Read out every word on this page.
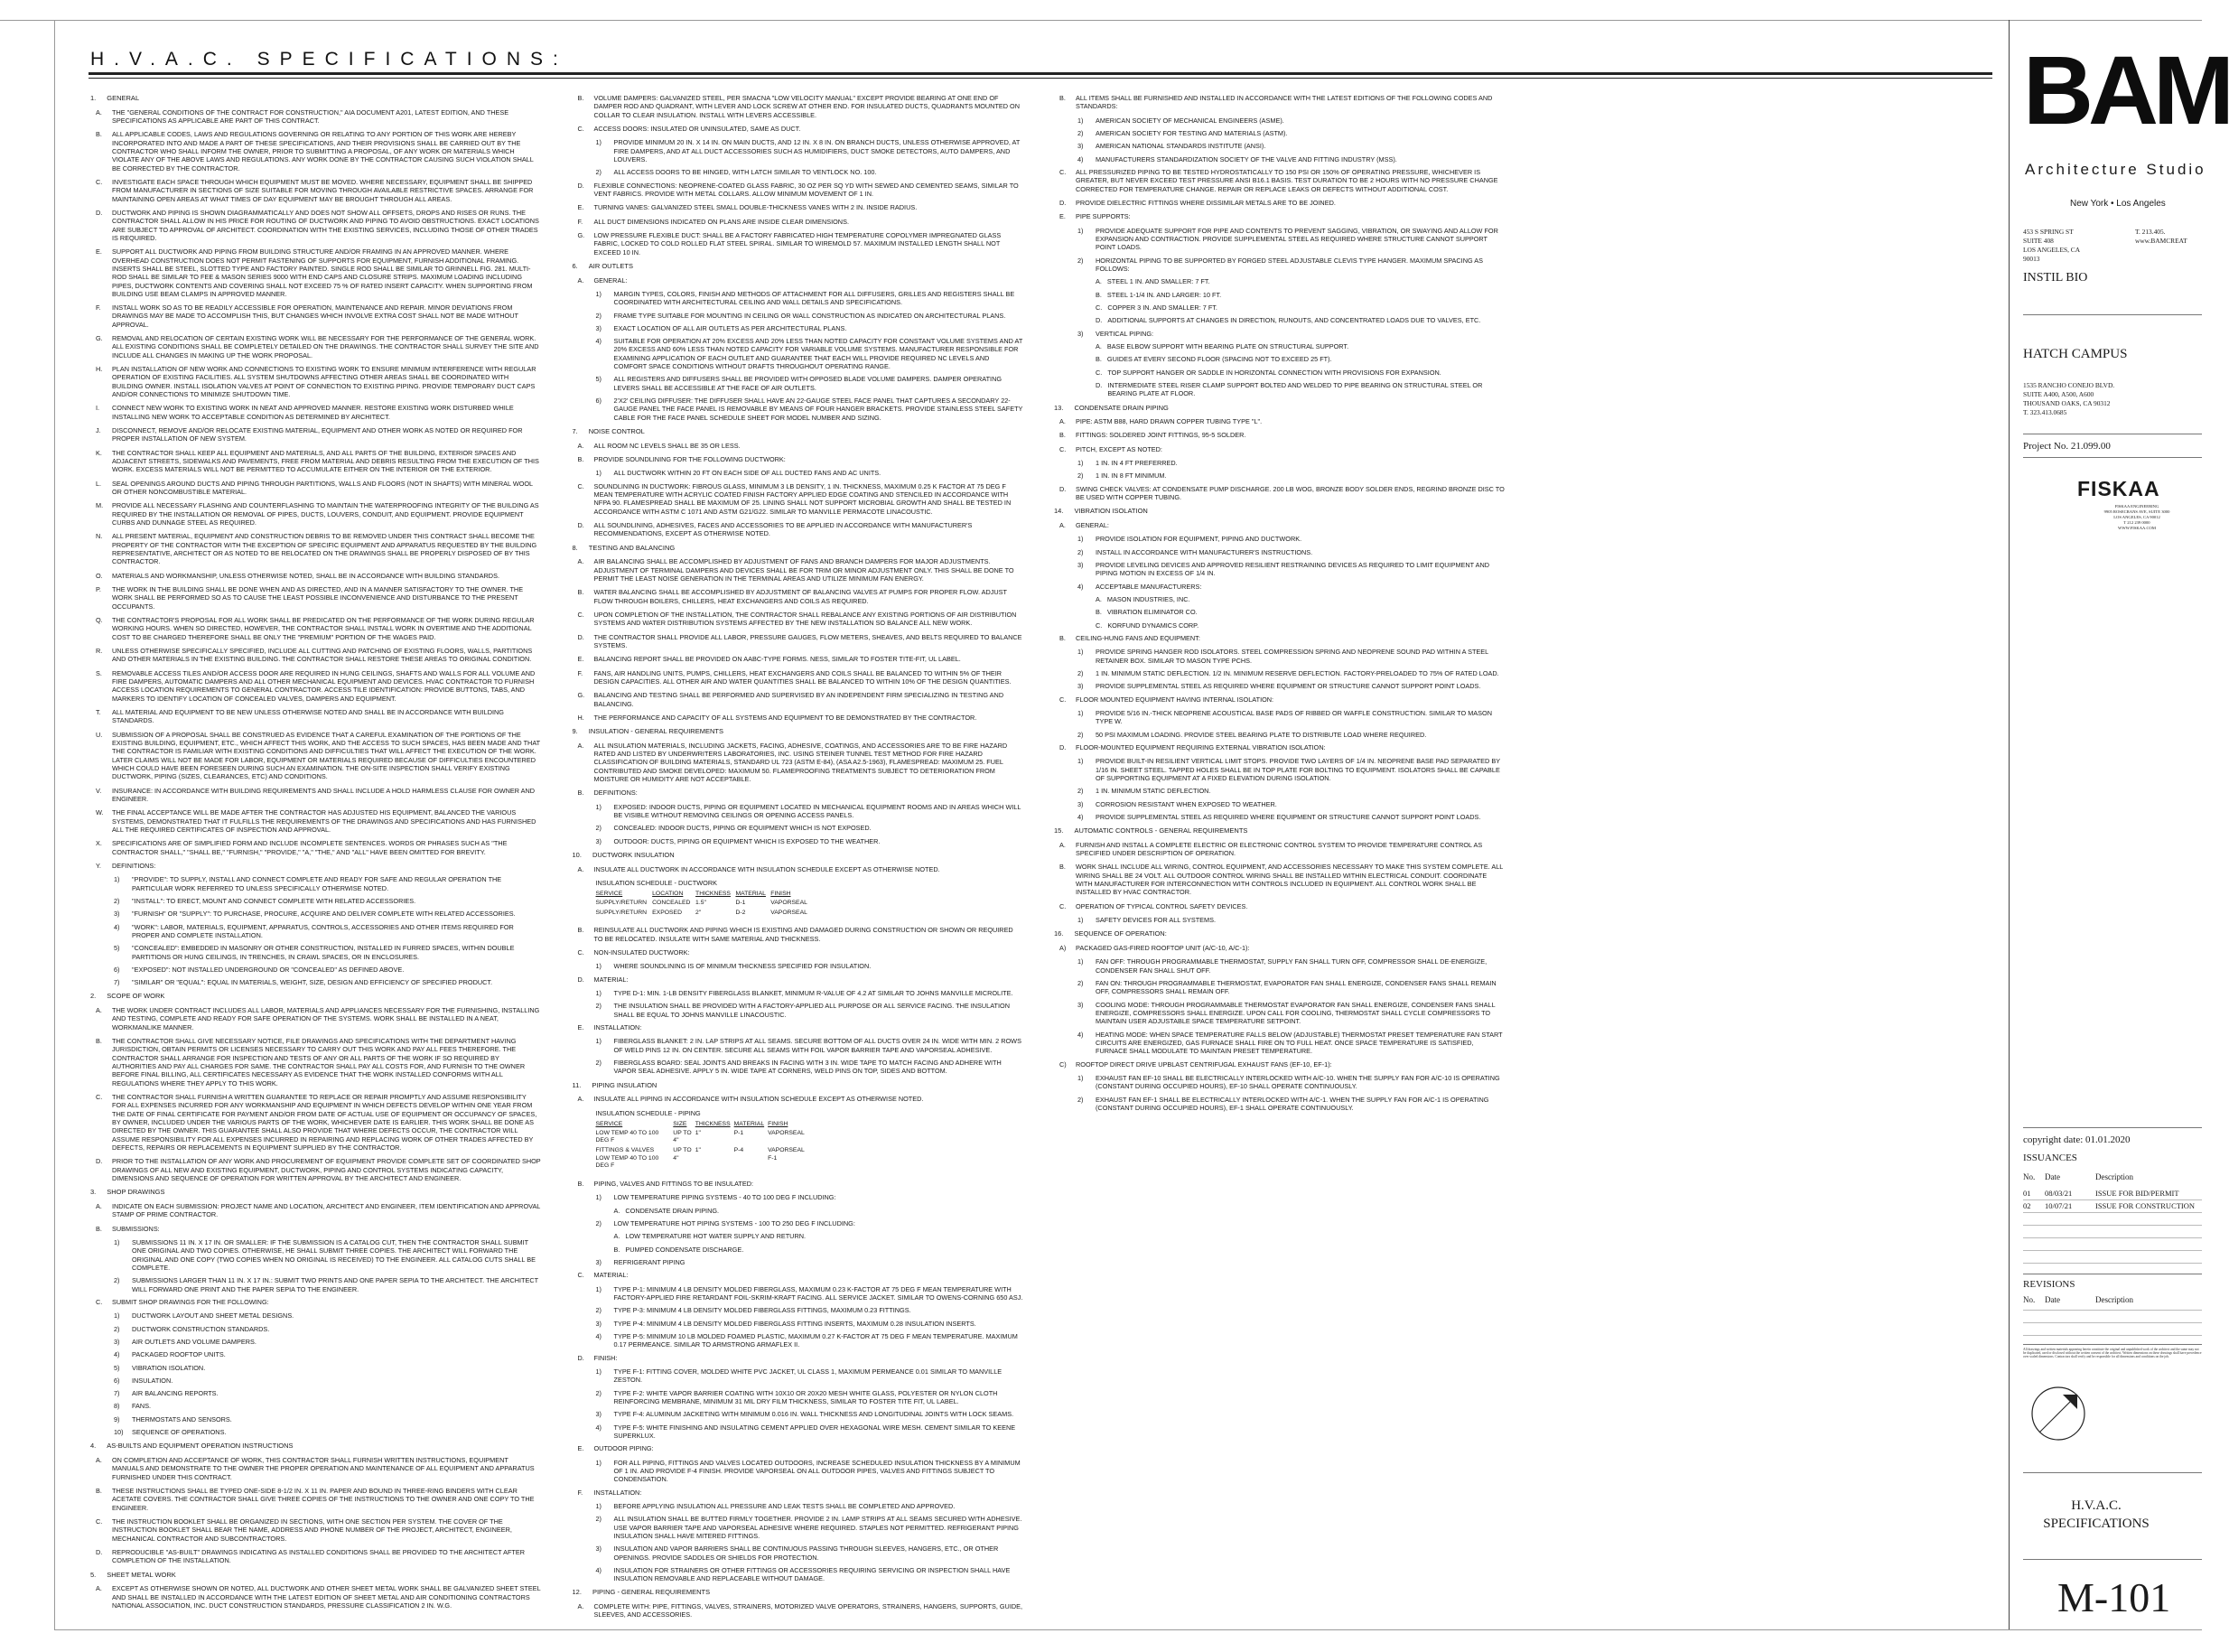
H.V.A.C. SPECIFICATIONS:
1. GENERAL
A.	THE "GENERAL CONDITIONS OF THE CONTRACT FOR CONSTRUCTION," AIA DOCUMENT A201, LATEST EDITION, AND THESE SPECIFICATIONS AS APPLICABLE ARE PART OF THIS CONTRACT.
B.	ALL APPLICABLE CODES, LAWS AND REGULATIONS GOVERNING OR RELATING TO ANY PORTION OF THIS WORK ARE HEREBY INCORPORATED INTO AND MADE A PART OF THESE SPECIFICATIONS, AND THEIR PROVISIONS SHALL BE CARRIED OUT BY THE CONTRACTOR WHO SHALL INFORM THE OWNER, PRIOR TO SUBMITTING A PROPOSAL, OF ANY WORK OR MATERIALS WHICH VIOLATE ANY OF THE ABOVE LAWS AND REGULATIONS. ANY WORK DONE BY THE CONTRACTOR CAUSING SUCH VIOLATION SHALL BE CORRECTED BY THE CONTRACTOR.
C.	INVESTIGATE EACH SPACE THROUGH WHICH EQUIPMENT MUST BE MOVED. WHERE NECESSARY, EQUIPMENT SHALL BE SHIPPED FROM MANUFACTURER IN SECTIONS OF SIZE SUITABLE FOR MOVING THROUGH AVAILABLE RESTRICTIVE SPACES. ARRANGE FOR MAINTAINING OPEN AREAS AT WHAT TIMES OF DAY EQUIPMENT MAY BE BROUGHT THROUGH ALL AREAS.
D.	DUCTWORK AND PIPING IS SHOWN DIAGRAMMATICALLY AND DOES NOT SHOW ALL OFFSETS, DROPS AND RISES OR RUNS. THE CONTRACTOR SHALL ALLOW IN HIS PRICE FOR ROUTING OF DUCTWORK AND PIPING TO AVOID OBSTRUCTIONS. EXACT LOCATIONS ARE SUBJECT TO APPROVAL OF ARCHITECT. COORDINATION WITH THE EXISTING SERVICES, INCLUDING THOSE OF OTHER TRADES IS REQUIRED.
E.	SUPPORT ALL DUCTWORK AND PIPING FROM BUILDING STRUCTURE AND/OR FRAMING IN AN APPROVED MANNER. WHERE OVERHEAD CONSTRUCTION DOES NOT PERMIT FASTENING OF SUPPORTS FOR EQUIPMENT, FURNISH ADDITIONAL FRAMING. INSERTS SHALL BE STEEL, SLOTTED TYPE AND FACTORY PAINTED. SINGLE ROD SHALL BE SIMILAR TO GRINNELL FIG. 281. MULTI-ROD SHALL BE SIMILAR TO FEE & MASON SERIES 9000 WITH END CAPS AND CLOSURE STRIPS. MAXIMUM LOADING INCLUDING PIPES, DUCTWORK CONTENTS AND COVERING SHALL NOT EXCEED 75 % OF RATED INSERT CAPACITY. WHEN SUPPORTING FROM BUILDING USE BEAM CLAMPS IN APPROVED MANNER.
F.	INSTALL WORK SO AS TO BE READILY ACCESSIBLE FOR OPERATION, MAINTENANCE AND REPAIR. MINOR DEVIATIONS FROM DRAWINGS MAY BE MADE TO ACCOMPLISH THIS, BUT CHANGES WHICH INVOLVE EXTRA COST SHALL NOT BE MADE WITHOUT APPROVAL.
G.	REMOVAL AND RELOCATION OF CERTAIN EXISTING WORK WILL BE NECESSARY FOR THE PERFORMANCE OF THE GENERAL WORK. ALL EXISTING CONDITIONS SHALL BE COMPLETELY DETAILED ON THE DRAWINGS. THE CONTRACTOR SHALL SURVEY THE SITE AND INCLUDE ALL CHANGES IN MAKING UP THE WORK PROPOSAL.
H.	PLAN INSTALLATION OF NEW WORK AND CONNECTIONS TO EXISTING WORK TO ENSURE MINIMUM INTERFERENCE WITH REGULAR OPERATION OF EXISTING FACILITIES. ALL SYSTEM SHUTDOWNS AFFECTING OTHER AREAS SHALL BE COORDINATED WITH BUILDING OWNER. INSTALL ISOLATION VALVES AT POINT OF CONNECTION TO EXISTING PIPING. PROVIDE TEMPORARY DUCT CAPS AND/OR CONNECTIONS TO MINIMIZE SHUTDOWN TIME.
I.	CONNECT NEW WORK TO EXISTING WORK IN NEAT AND APPROVED MANNER. RESTORE EXISTING WORK DISTURBED WHILE INSTALLING NEW WORK TO ACCEPTABLE CONDITION AS DETERMINED BY ARCHITECT.
J.	DISCONNECT, REMOVE AND/OR RELOCATE EXISTING MATERIAL, EQUIPMENT AND OTHER WORK AS NOTED OR REQUIRED FOR PROPER INSTALLATION OF NEW SYSTEM.
K.	THE CONTRACTOR SHALL KEEP ALL EQUIPMENT AND MATERIALS, AND ALL PARTS OF THE BUILDING, EXTERIOR SPACES AND ADJACENT STREETS, SIDEWALKS AND PAVEMENTS, FREE FROM MATERIAL AND DEBRIS RESULTING FROM THE EXECUTION OF THIS WORK. EXCESS MATERIALS WILL NOT BE PERMITTED TO ACCUMULATE EITHER ON THE INTERIOR OR THE EXTERIOR.
L.	SEAL OPENINGS AROUND DUCTS AND PIPING THROUGH PARTITIONS, WALLS AND FLOORS (NOT IN SHAFTS) WITH MINERAL WOOL OR OTHER NONCOMBUSTIBLE MATERIAL.
M. PROVIDE ALL NECESSARY FLASHING AND COUNTERFLASHING TO MAINTAIN THE WATERPROOFING INTEGRITY OF THE BUILDING AS REQUIRED BY THE INSTALLATION OR REMOVAL OF PIPES, DUCTS, LOUVERS, CONDUIT, AND EQUIPMENT. PROVIDE EQUIPMENT CURBS AND DUNNAGE STEEL AS REQUIRED.
N.	ALL PRESENT MATERIAL, EQUIPMENT AND CONSTRUCTION DEBRIS TO BE REMOVED UNDER THIS CONTRACT SHALL BECOME THE PROPERTY OF THE CONTRACTOR WITH THE EXCEPTION OF SPECIFIC EQUIPMENT AND APPARATUS REQUESTED BY THE BUILDING REPRESENTATIVE, ARCHITECT OR AS NOTED TO BE RELOCATED ON THE DRAWINGS SHALL BE PROPERLY DISPOSED OF BY THIS CONTRACTOR.
O.	MATERIALS AND WORKMANSHIP, UNLESS OTHERWISE NOTED, SHALL BE IN ACCORDANCE WITH BUILDING STANDARDS.
P.	THE WORK IN THE BUILDING SHALL BE DONE WHEN AND AS DIRECTED, AND IN A MANNER SATISFACTORY TO THE OWNER. THE WORK SHALL BE PERFORMED SO AS TO CAUSE THE LEAST POSSIBLE INCONVENIENCE AND DISTURBANCE TO THE PRESENT OCCUPANTS.
Q.	THE CONTRACTOR'S PROPOSAL FOR ALL WORK SHALL BE PREDICATED ON THE PERFORMANCE OF THE WORK DURING REGULAR WORKING HOURS. WHEN SO DIRECTED, HOWEVER, THE CONTRACTOR SHALL INSTALL WORK IN OVERTIME AND THE ADDITIONAL COST TO BE CHARGED THEREFORE SHALL BE ONLY THE "PREMIUM" PORTION OF THE WAGES PAID.
R.	UNLESS OTHERWISE SPECIFICALLY SPECIFIED, INCLUDE ALL CUTTING AND PATCHING OF EXISTING FLOORS, WALLS, PARTITIONS AND OTHER MATERIALS IN THE EXISTING BUILDING. THE CONTRACTOR SHALL RESTORE THESE AREAS TO ORIGINAL CONDITION.
S.	REMOVABLE ACCESS TILES AND/OR ACCESS DOOR ARE REQUIRED IN HUNG CEILINGS, SHAFTS AND WALLS FOR ALL VOLUME AND FIRE DAMPERS, AUTOMATIC DAMPERS AND ALL OTHER MECHANICAL EQUIPMENT AND DEVICES. HVAC CONTRACTOR TO FURNISH ACCESS LOCATION REQUIREMENTS TO GENERAL CONTRACTOR. ACCESS TILE IDENTIFICATION: PROVIDE BUTTONS, TABS, AND MARKERS TO IDENTIFY LOCATION OF CONCEALED VALVES, DAMPERS AND EQUIPMENT.
T.	ALL MATERIAL AND EQUIPMENT TO BE NEW UNLESS OTHERWISE NOTED AND SHALL BE IN ACCORDANCE WITH BUILDING STANDARDS.
U.	SUBMISSION OF A PROPOSAL SHALL BE CONSTRUED AS EVIDENCE THAT A CAREFUL EXAMINATION OF THE PORTIONS OF THE EXISTING BUILDING, EQUIPMENT, ETC., WHICH AFFECT THIS WORK, AND THE ACCESS TO SUCH SPACES, HAS BEEN MADE AND THAT THE CONTRACTOR IS FAMILIAR WITH EXISTING CONDITIONS AND DIFFICULTIES THAT WILL AFFECT THE EXECUTION OF THE WORK. LATER CLAIMS WILL NOT BE MADE FOR LABOR, EQUIPMENT OR MATERIALS REQUIRED BECAUSE OF DIFFICULTIES ENCOUNTERED WHICH COULD HAVE BEEN FORESEEN DURING SUCH AN EXAMINATION. THE ON-SITE INSPECTION SHALL VERIFY EXISTING DUCTWORK, PIPING (SIZES, CLEARANCES, ETC) AND CONDITIONS.
V.	INSURANCE: IN ACCORDANCE WITH BUILDING REQUIREMENTS AND SHALL INCLUDE A HOLD HARMLESS CLAUSE FOR OWNER AND ENGINEER.
W. THE FINAL ACCEPTANCE WILL BE MADE AFTER THE CONTRACTOR HAS ADJUSTED HIS EQUIPMENT, BALANCED THE VARIOUS SYSTEMS, DEMONSTRATED THAT IT FULFILLS THE REQUIREMENTS OF THE DRAWINGS AND SPECIFICATIONS AND HAS FURNISHED ALL THE REQUIRED CERTIFICATES OF INSPECTION AND APPROVAL.
X.	SPECIFICATIONS ARE OF SIMPLIFIED FORM AND INCLUDE INCOMPLETE SENTENCES. WORDS OR PHRASES SUCH AS "THE CONTRACTOR SHALL," "SHALL BE," "FURNISH," "PROVIDE," "A," "THE," AND "ALL" HAVE BEEN OMITTED FOR BREVITY.
Y.	DEFINITIONS:
1)	"PROVIDE": TO SUPPLY, INSTALL AND CONNECT COMPLETE AND READY FOR SAFE AND REGULAR OPERATION THE PARTICULAR WORK REFERRED TO UNLESS SPECIFICALLY OTHERWISE NOTED.
2)	"INSTALL": TO ERECT, MOUNT AND CONNECT COMPLETE WITH RELATED ACCESSORIES.
3)	"FURNISH" OR "SUPPLY": TO PURCHASE, PROCURE, ACQUIRE AND DELIVER COMPLETE WITH RELATED ACCESSORIES.
4)	"WORK": LABOR, MATERIALS, EQUIPMENT, APPARATUS, CONTROLS, ACCESSORIES AND OTHER ITEMS REQUIRED FOR PROPER AND COMPLETE INSTALLATION.
5)	"CONCEALED": EMBEDDED IN MASONRY OR OTHER CONSTRUCTION, INSTALLED IN FURRED SPACES, WITHIN DOUBLE PARTITIONS OR HUNG CEILINGS, IN TRENCHES, IN CRAWL SPACES, OR IN ENCLOSURES.
6)	"EXPOSED": NOT INSTALLED UNDERGROUND OR "CONCEALED" AS DEFINED ABOVE.
7)	"SIMILAR" OR "EQUAL": EQUAL IN MATERIALS, WEIGHT, SIZE, DESIGN AND EFFICIENCY OF SPECIFIED PRODUCT.
2. SCOPE OF WORK
A.	THE WORK UNDER CONTRACT INCLUDES ALL LABOR, MATERIALS AND APPLIANCES NECESSARY FOR THE FURNISHING, INSTALLING AND TESTING, COMPLETE AND READY FOR SAFE OPERATION OF THE SYSTEMS. WORK SHALL BE INSTALLED IN A NEAT, WORKMANLIKE MANNER.
B.	THE CONTRACTOR SHALL GIVE NECESSARY NOTICE, FILE DRAWINGS AND SPECIFICATIONS WITH THE DEPARTMENT HAVING JURISDICTION, OBTAIN PERMITS OR LICENSES NECESSARY TO CARRY OUT THIS WORK AND PAY ALL FEES THEREFORE. THE CONTRACTOR SHALL ARRANGE FOR INSPECTION AND TESTS OF ANY OR ALL PARTS OF THE WORK IF SO REQUIRED BY AUTHORITIES AND PAY ALL CHARGES FOR SAME. THE CONTRACTOR SHALL PAY ALL COSTS FOR, AND FURNISH TO THE OWNER BEFORE FINAL BILLING, ALL CERTIFICATES NECESSARY AS EVIDENCE THAT THE WORK INSTALLED CONFORMS WITH ALL REGULATIONS WHERE THEY APPLY TO THIS WORK.
C.	THE CONTRACTOR SHALL FURNISH A WRITTEN GUARANTEE TO REPLACE OR REPAIR PROMPTLY AND ASSUME RESPONSIBILITY FOR ALL EXPENSES INCURRED FOR ANY WORKMANSHIP AND EQUIPMENT IN WHICH DEFECTS DEVELOP WITHIN ONE YEAR FROM THE DATE OF FINAL CERTIFICATE FOR PAYMENT AND/OR FROM DATE OF ACTUAL USE OF EQUIPMENT OR OCCUPANCY OF SPACES, BY OWNER, INCLUDED UNDER THE VARIOUS PARTS OF THE WORK, WHICHEVER DATE IS EARLIER. THIS WORK SHALL BE DONE AS DIRECTED BY THE OWNER. THIS GUARANTEE SHALL ALSO PROVIDE THAT WHERE DEFECTS OCCUR, THE CONTRACTOR WILL ASSUME RESPONSIBILITY FOR ALL EXPENSES INCURRED IN REPAIRING AND REPLACING WORK OF OTHER TRADES AFFECTED BY DEFECTS, REPAIRS OR REPLACEMENTS IN EQUIPMENT SUPPLIED BY THE CONTRACTOR.
D.	PRIOR TO THE INSTALLATION OF ANY WORK AND PROCUREMENT OF EQUIPMENT PROVIDE COMPLETE SET OF COORDINATED SHOP DRAWINGS OF ALL NEW AND EXISTING EQUIPMENT, DUCTWORK, PIPING AND CONTROL SYSTEMS INDICATING CAPACITY, DIMENSIONS AND SEQUENCE OF OPERATION FOR WRITTEN APPROVAL BY THE ARCHITECT AND ENGINEER.
3. SHOP DRAWINGS
A.	INDICATE ON EACH SUBMISSION: PROJECT NAME AND LOCATION, ARCHITECT AND ENGINEER, ITEM IDENTIFICATION AND APPROVAL STAMP OF PRIME CONTRACTOR.
B.	SUBMISSIONS:
1)	SUBMISSIONS 11 IN. X 17 IN. OR SMALLER: IF THE SUBMISSION IS A CATALOG CUT, THEN THE CONTRACTOR SHALL SUBMIT ONE ORIGINAL AND TWO COPIES. OTHERWISE, HE SHALL SUBMIT THREE COPIES. THE ARCHITECT WILL FORWARD THE ORIGINAL AND ONE COPY (TWO COPIES WHEN NO ORIGINAL IS RECEIVED) TO THE ENGINEER. ALL CATALOG CUTS SHALL BE COMPLETE.
2)	SUBMISSIONS LARGER THAN 11 IN. X 17 IN.: SUBMIT TWO PRINTS AND ONE PAPER SEPIA TO THE ARCHITECT. THE ARCHITECT WILL FORWARD ONE PRINT AND THE PAPER SEPIA TO THE ENGINEER.
C.	SUBMIT SHOP DRAWINGS FOR THE FOLLOWING:
1)	DUCTWORK LAYOUT AND SHEET METAL DESIGNS.
2)	DUCTWORK CONSTRUCTION STANDARDS.
3)	AIR OUTLETS AND VOLUME DAMPERS.
4)	PACKAGED ROOFTOP UNITS.
5)	VIBRATION ISOLATION.
6)	INSULATION.
7)	AIR BALANCING REPORTS.
8)	FANS.
9)	THERMOSTATS AND SENSORS.
10) SEQUENCE OF OPERATIONS.
4. AS-BUILTS AND EQUIPMENT OPERATION INSTRUCTIONS
A.	ON COMPLETION AND ACCEPTANCE OF WORK, THIS CONTRACTOR SHALL FURNISH WRITTEN INSTRUCTIONS, EQUIPMENT MANUALS AND DEMONSTRATE TO THE OWNER THE PROPER OPERATION AND MAINTENANCE OF ALL EQUIPMENT AND APPARATUS FURNISHED UNDER THIS CONTRACT.
B.	THESE INSTRUCTIONS SHALL BE TYPED ONE-SIDE 8-1/2 IN. X 11 IN. PAPER AND BOUND IN THREE-RING BINDERS WITH CLEAR ACETATE COVERS. THE CONTRACTOR SHALL GIVE THREE COPIES OF THE INSTRUCTIONS TO THE OWNER AND ONE COPY TO THE ENGINEER.
C.	THE INSTRUCTION BOOKLET SHALL BE ORGANIZED IN SECTIONS, WITH ONE SECTION PER SYSTEM. THE COVER OF THE INSTRUCTION BOOKLET SHALL BEAR THE NAME, ADDRESS AND PHONE NUMBER OF THE PROJECT, ARCHITECT, ENGINEER, MECHANICAL CONTRACTOR AND SUBCONTRACTORS.
D.	REPRODUCIBLE "AS-BUILT" DRAWINGS INDICATING AS INSTALLED CONDITIONS SHALL BE PROVIDED TO THE ARCHITECT AFTER COMPLETION OF THE INSTALLATION.
5. SHEET METAL WORK
A.	EXCEPT AS OTHERWISE SHOWN OR NOTED, ALL DUCTWORK AND OTHER SHEET METAL WORK SHALL BE GALVANIZED SHEET STEEL AND SHALL BE INSTALLED IN ACCORDANCE WITH THE LATEST EDITION OF SHEET METAL AND AIR CONDITIONING CONTRACTORS NATIONAL ASSOCIATION, INC. DUCT CONSTRUCTION STANDARDS, PRESSURE CLASSIFICATION 2 IN. W.G.
B.	VOLUME DAMPERS: GALVANIZED STEEL, PER SMACNA "LOW VELOCITY MANUAL" EXCEPT PROVIDE BEARING AT ONE END OF DAMPER ROD AND QUADRANT, WITH LEVER AND LOCK SCREW AT OTHER END. FOR INSULATED DUCTS, QUADRANTS MOUNTED ON COLLAR TO CLEAR INSULATION. INSTALL WITH LEVERS ACCESSIBLE.
C.	ACCESS DOORS: INSULATED OR UNINSULATED, SAME AS DUCT.
1)	PROVIDE MINIMUM 20 IN. X 14 IN. ON MAIN DUCTS, AND 12 IN. X 8 IN. ON BRANCH DUCTS, UNLESS OTHERWISE APPROVED, AT FIRE DAMPERS, AND AT ALL DUCT ACCESSORIES SUCH AS HUMIDIFIERS, DUCT SMOKE DETECTORS, AUTO DAMPERS, AND LOUVERS.
2)	ALL ACCESS DOORS TO BE HINGED, WITH LATCH SIMILAR TO VENTLOCK NO. 100.
D.	FLEXIBLE CONNECTIONS: NEOPRENE-COATED GLASS FABRIC, 30 OZ PER SQ YD WITH SEWED AND CEMENTED SEAMS, SIMILAR TO VENT FABRICS. PROVIDE WITH METAL COLLARS. ALLOW MINIMUM MOVEMENT OF 1 IN.
E.	TURNING VANES: GALVANIZED STEEL SMALL DOUBLE-THICKNESS VANES WITH 2 IN. INSIDE RADIUS.
F.	ALL DUCT DIMENSIONS INDICATED ON PLANS ARE INSIDE CLEAR DIMENSIONS.
G.	LOW PRESSURE FLEXIBLE DUCT: SHALL BE A FACTORY FABRICATED HIGH TEMPERATURE COPOLYMER IMPREGNATED GLASS FABRIC, LOCKED TO COLD ROLLED FLAT STEEL SPIRAL. SIMILAR TO WIREMOLD 57. MAXIMUM INSTALLED LENGTH SHALL NOT EXCEED 10 IN.
6. AIR OUTLETS
A.	GENERAL:
1)	MARGIN TYPES, COLORS, FINISH AND METHODS OF ATTACHMENT FOR ALL DIFFUSERS, GRILLES AND REGISTERS SHALL BE COORDINATED WITH ARCHITECTURAL CEILING AND WALL DETAILS AND SPECIFICATIONS.
2)	FRAME TYPE SUITABLE FOR MOUNTING IN CEILING OR WALL CONSTRUCTION AS INDICATED ON ARCHITECTURAL PLANS.
3)	EXACT LOCATION OF ALL AIR OUTLETS AS PER ARCHITECTURAL PLANS.
4)	SUITABLE FOR OPERATION AT 20% EXCESS AND 20% LESS THAN NOTED CAPACITY FOR CONSTANT VOLUME SYSTEMS AND AT 20% EXCESS AND 60% LESS THAN NOTED CAPACITY FOR VARIABLE VOLUME SYSTEMS. MANUFACTURER RESPONSIBLE FOR EXAMINING APPLICATION OF EACH OUTLET AND GUARANTEE THAT EACH WILL PROVIDE REQUIRED NC LEVELS AND COMFORT SPACE CONDITIONS WITHOUT DRAFTS THROUGHOUT OPERATING RANGE.
5)	ALL REGISTERS AND DIFFUSERS SHALL BE PROVIDED WITH OPPOSED BLADE VOLUME DAMPERS. DAMPER OPERATING LEVERS SHALL BE ACCESSIBLE AT THE FACE OF AIR OUTLETS.
6)	2'X2' CEILING DIFFUSER: THE DIFFUSER SHALL HAVE AN 22-GAUGE STEEL FACE PANEL THAT CAPTURES A SECONDARY 22-GAUGE PANEL THE FACE PANEL IS REMOVABLE BY MEANS OF FOUR HANGER BRACKETS. PROVIDE STAINLESS STEEL SAFETY CABLE FOR THE FACE PANEL SCHEDULE SHEET FOR MODEL NUMBER AND SIZING.
7. NOISE CONTROL
A.	ALL ROOM NC LEVELS SHALL BE 35 OR LESS.
B.	PROVIDE SOUNDLINING FOR THE FOLLOWING DUCTWORK:
1)	ALL DUCTWORK WITHIN 20 FT ON EACH SIDE OF ALL DUCTED FANS AND AC UNITS.
C.	SOUNDLINING IN DUCTWORK: FIBROUS GLASS, MINIMUM 3 LB DENSITY, 1 IN. THICKNESS, MAXIMUM 0.25 K FACTOR AT 75 DEG F MEAN TEMPERATURE WITH ACRYLIC COATED FINISH FACTORY APPLIED EDGE COATING AND STENCILED IN ACCORDANCE WITH NFPA 90. FLAMESPREAD SHALL BE MAXIMUM OF 25. LINING SHALL NOT SUPPORT MICROBIAL GROWTH AND SHALL BE TESTED IN ACCORDANCE WITH ASTM C 1071 AND ASTM G21/G22. SIMILAR TO MANVILLE PERMACOTE LINACOUSTIC.
D.	ALL SOUNDLINING, ADHESIVES, FACES AND ACCESSORIES TO BE APPLIED IN ACCORDANCE WITH MANUFACTURER'S RECOMMENDATIONS, EXCEPT AS OTHERWISE NOTED.
8. TESTING AND BALANCING
A.	AIR BALANCING SHALL BE ACCOMPLISHED BY ADJUSTMENT OF FANS AND BRANCH DAMPERS FOR MAJOR ADJUSTMENTS. ADJUSTMENT OF TERMINAL DAMPERS AND DEVICES SHALL BE FOR TRIM OR MINOR ADJUSTMENT ONLY. THIS SHALL BE DONE TO PERMIT THE LEAST NOISE GENERATION IN THE TERMINAL AREAS AND UTILIZE MINIMUM FAN ENERGY.
B.	WATER BALANCING SHALL BE ACCOMPLISHED BY ADJUSTMENT OF BALANCING VALVES AT PUMPS FOR PROPER FLOW. ADJUST FLOW THROUGH BOILERS, CHILLERS, HEAT EXCHANGERS AND COILS AS REQUIRED.
C.	UPON COMPLETION OF THE INSTALLATION, THE CONTRACTOR SHALL REBALANCE ANY EXISTING PORTIONS OF AIR DISTRIBUTION SYSTEMS AND WATER DISTRIBUTION SYSTEMS AFFECTED BY THE NEW INSTALLATION SO BALANCE ALL NEW WORK.
D.	THE CONTRACTOR SHALL PROVIDE ALL LABOR, PRESSURE GAUGES, FLOW METERS, SHEAVES, AND BELTS REQUIRED TO BALANCE SYSTEMS.
E.	BALANCING REPORT SHALL BE PROVIDED ON AABC-TYPE FORMS. NESS, SIMILAR TO FOSTER TITE-FIT, UL LABEL.
F.	FANS, AIR HANDLING UNITS, PUMPS, CHILLERS, HEAT EXCHANGERS AND COILS SHALL BE BALANCED TO WITHIN 5% OF THEIR DESIGN CAPACITIES. ALL OTHER AIR AND WATER QUANTITIES SHALL BE BALANCED TO WITHIN 10% OF THE DESIGN QUANTITIES.
G.	BALANCING AND TESTING SHALL BE PERFORMED AND SUPERVISED BY AN INDEPENDENT FIRM SPECIALIZING IN TESTING AND BALANCING.
H.	THE PERFORMANCE AND CAPACITY OF ALL SYSTEMS AND EQUIPMENT TO BE DEMONSTRATED BY THE CONTRACTOR.
9. INSULATION - GENERAL REQUIREMENTS
A.	ALL INSULATION MATERIALS, INCLUDING JACKETS, FACING, ADHESIVE, COATINGS, AND ACCESSORIES ARE TO BE FIRE HAZARD RATED AND LISTED BY UNDERWRITERS LABORATORIES, INC. USING STEINER TUNNEL TEST METHOD FOR FIRE HAZARD CLASSIFICATION OF BUILDING MATERIALS, STANDARD UL 723 (ASTM E-84), (ASA A2.5-1963), FLAMESPREAD: MAXIMUM 25. FUEL CONTRIBUTED AND SMOKE DEVELOPED: MAXIMUM 50. FLAMEPROOFING TREATMENTS SUBJECT TO DETERIORATION FROM MOISTURE OR HUMIDITY ARE NOT ACCEPTABLE.
B.	DEFINITIONS:
1)	EXPOSED: INDOOR DUCTS, PIPING OR EQUIPMENT LOCATED IN MECHANICAL EQUIPMENT ROOMS AND IN AREAS WHICH WILL BE VISIBLE WITHOUT REMOVING CEILINGS OR OPENING ACCESS PANELS.
2)	CONCEALED: INDOOR DUCTS, PIPING OR EQUIPMENT WHICH IS NOT EXPOSED.
3)	OUTDOOR: DUCTS, PIPING OR EQUIPMENT WHICH IS EXPOSED TO THE WEATHER.
10. DUCTWORK INSULATION
A.	INSULATE ALL DUCTWORK IN ACCORDANCE WITH INSULATION SCHEDULE EXCEPT AS OTHERWISE NOTED.
INSULATION SCHEDULE - DUCTWORK
SERVICE	LOCATION	THICKNESS	MATERIAL	FINISH
SUPPLY/RETURN	CONCEALED	1.5"	D-1	VAPORSEAL
SUPPLY/RETURN	EXPOSED	2"	D-2	VAPORSEAL
B.	REINSULATE ALL DUCTWORK AND PIPING WHICH IS EXISTING AND DAMAGED DURING CONSTRUCTION OR SHOWN OR REQUIRED TO BE RELOCATED. INSULATE WITH SAME MATERIAL AND THICKNESS.
C.	NON-INSULATED DUCTWORK:
1)	WHERE SOUNDLINING IS OF MINIMUM THICKNESS SPECIFIED FOR INSULATION.
D.	MATERIAL:
1)	TYPE D-1: MIN. 1-LB DENSITY FIBERGLASS BLANKET, MINIMUM R-VALUE OF 4.2 AT SIMILAR TO JOHNS MANVILLE MICROLITE.
2)	THE INSULATION SHALL BE PROVIDED WITH A FACTORY-APPLIED ALL PURPOSE OR ALL SERVICE FACING. THE INSULATION SHALL BE EQUAL TO JOHNS MANVILLE LINACOUSTIC.
E.	INSTALLATION:
1)	FIBERGLASS BLANKET: 2 IN. LAP STRIPS AT ALL SEAMS. SECURE BOTTOM OF ALL DUCTS OVER 24 IN. WIDE WITH MIN. 2 ROWS OF WELD PINS 12 IN. ON CENTER. SECURE ALL SEAMS WITH FOIL VAPOR BARRIER TAPE AND VAPORSEAL ADHESIVE.
2)	FIBERGLASS BOARD: SEAL JOINTS AND BREAKS IN FACING WITH 3 IN. WIDE TAPE TO MATCH FACING AND ADHERE WITH VAPOR SEAL ADHESIVE. APPLY 5 IN. WIDE TAPE AT CORNERS, WELD PINS ON TOP, SIDES AND BOTTOM.
11. PIPING INSULATION
A.	INSULATE ALL PIPING IN ACCORDANCE WITH INSULATION SCHEDULE EXCEPT AS OTHERWISE NOTED.
INSULATION SCHEDULE - PIPING
SERVICE	SIZE	THICKNESS	MATERIAL	FINISH
LOW TEMP 40 TO 100 DEG F	UP TO 4"	1"	P-1	VAPORSEAL
FITTINGS & VALVES LOW TEMP 40 TO 100 DEG F	UP TO 4"	1"	P-4	VAPORSEAL F-1
B.	PIPING, VALVES AND FITTINGS TO BE INSULATED:
1)	LOW TEMPERATURE PIPING SYSTEMS - 40 TO 100 DEG F INCLUDING:
A. CONDENSATE DRAIN PIPING.
2)	LOW TEMPERATURE HOT PIPING SYSTEMS - 100 TO 250 DEG F INCLUDING:
A. LOW TEMPERATURE HOT WATER SUPPLY AND RETURN.
B. PUMPED CONDENSATE DISCHARGE.
3)	REFRIGERANT PIPING
C.	MATERIAL:
1)	TYPE P-1: MINIMUM 4 LB DENSITY MOLDED FIBERGLASS, MAXIMUM 0.23 K-FACTOR AT 75 DEG F MEAN TEMPERATURE WITH FACTORY-APPLIED FIRE RETARDANT FOIL-SKRIM-KRAFT FACING. ALL SERVICE JACKET. SIMILAR TO OWENS-CORNING 650 ASJ.
2)	TYPE P-3: MINIMUM 4 LB DENSITY MOLDED FIBERGLASS FITTINGS, MAXIMUM 0.23 FITTINGS.
3)	TYPE P-4: MINIMUM 4 LB DENSITY MOLDED FIBERGLASS FITTING INSERTS, MAXIMUM 0.28 INSULATION INSERTS.
4)	TYPE P-5: MINIMUM 10 LB MOLDED FOAMED PLASTIC, MAXIMUM 0.27 K-FACTOR AT 75 DEG F MEAN TEMPERATURE. MAXIMUM 0.17 PERMEANCE. SIMILAR TO ARMSTRONG ARMAFLEX II.
D.	FINISH:
1)	TYPE F-1: FITTING COVER, MOLDED WHITE PVC JACKET, UL CLASS 1, MAXIMUM PERMEANCE 0.01 SIMILAR TO MANVILLE ZESTON.
2)	TYPE F-2: WHITE VAPOR BARRIER COATING WITH 10X10 OR 20X20 MESH WHITE GLASS, POLYESTER OR NYLON CLOTH REINFORCING MEMBRANE, MINIMUM 31 MIL DRY FILM THICKNESS, SIMILAR TO FOSTER TITE FIT, UL LABEL.
3)	TYPE F-4: ALUMINUM JACKETING WITH MINIMUM 0.016 IN. WALL THICKNESS AND LONGITUDINAL JOINTS WITH LOCK SEAMS.
4)	TYPE F-5: WHITE FINISHING AND INSULATING CEMENT APPLIED OVER HEXAGONAL WIRE MESH. CEMENT SIMILAR TO KEENE SUPERKLUX.
E.	OUTDOOR PIPING:
1)	FOR ALL PIPING, FITTINGS AND VALVES LOCATED OUTDOORS, INCREASE SCHEDULED INSULATION THICKNESS BY A MINIMUM OF 1 IN. AND PROVIDE F-4 FINISH. PROVIDE VAPORSEAL ON ALL OUTDOOR PIPES, VALVES AND FITTINGS SUBJECT TO CONDENSATION.
F.	INSTALLATION:
1)	BEFORE APPLYING INSULATION ALL PRESSURE AND LEAK TESTS SHALL BE COMPLETED AND APPROVED.
2)	ALL INSULATION SHALL BE BUTTED FIRMLY TOGETHER. PROVIDE 2 IN. LAMP STRIPS AT ALL SEAMS SECURED WITH ADHESIVE. USE VAPOR BARRIER TAPE AND VAPORSEAL ADHESIVE WHERE REQUIRED. STAPLES NOT PERMITTED. REFRIGERANT PIPING INSULATION SHALL HAVE MITERED FITTINGS.
3)	INSULATION AND VAPOR BARRIERS SHALL BE CONTINUOUS PASSING THROUGH SLEEVES, HANGERS, ETC., OR OTHER OPENINGS. PROVIDE SADDLES OR SHIELDS FOR PROTECTION.
4)	INSULATION FOR STRAINERS OR OTHER FITTINGS OR ACCESSORIES REQUIRING SERVICING OR INSPECTION SHALL HAVE INSULATION REMOVABLE AND REPLACEABLE WITHOUT DAMAGE.
12. PIPING - GENERAL REQUIREMENTS
A.	COMPLETE WITH: PIPE, FITTINGS, VALVES, STRAINERS, MOTORIZED VALVE OPERATORS, STRAINERS, HANGERS, SUPPORTS, GUIDE, SLEEVES, AND ACCESSORIES.
B.	ALL ITEMS SHALL BE FURNISHED AND INSTALLED IN ACCORDANCE WITH THE LATEST EDITIONS OF THE FOLLOWING CODES AND STANDARDS:
1)	AMERICAN SOCIETY OF MECHANICAL ENGINEERS (ASME).
2)	AMERICAN SOCIETY FOR TESTING AND MATERIALS (ASTM).
3)	AMERICAN NATIONAL STANDARDS INSTITUTE (ANSI).
4)	MANUFACTURERS STANDARDIZATION SOCIETY OF THE VALVE AND FITTING INDUSTRY (MSS).
C.	ALL PRESSURIZED PIPING TO BE TESTED HYDROSTATICALLY TO 150 PSI OR 150% OF OPERATING PRESSURE, WHICHEVER IS GREATER, BUT NEVER EXCEED TEST PRESSURE ANSI B16.1 BASIS. TEST DURATION TO BE 2 HOURS WITH NO PRESSURE CHANGE CORRECTED FOR TEMPERATURE CHANGE. REPAIR OR REPLACE LEAKS OR DEFECTS WITHOUT ADDITIONAL COST.
D.	PROVIDE DIELECTRIC FITTINGS WHERE DISSIMILAR METALS ARE TO BE JOINED.
E.	PIPE SUPPORTS:
1)	PROVIDE ADEQUATE SUPPORT FOR PIPE AND CONTENTS TO PREVENT SAGGING, VIBRATION, OR SWAYING AND ALLOW FOR EXPANSION AND CONTRACTION. PROVIDE SUPPLEMENTAL STEEL AS REQUIRED WHERE STRUCTURE CANNOT SUPPORT POINT LOADS.
2)	HORIZONTAL PIPING TO BE SUPPORTED BY FORGED STEEL ADJUSTABLE CLEVIS TYPE HANGER. MAXIMUM SPACING AS FOLLOWS:
A. STEEL 1 IN. AND SMALLER: 7 FT.
B. STEEL 1-1/4 IN. AND LARGER: 10 FT.
C. COPPER 3 IN. AND SMALLER: 7 FT.
D. ADDITIONAL SUPPORTS AT CHANGES IN DIRECTION, RUNOUTS, AND CONCENTRATED LOADS DUE TO VALVES, ETC.
3)	VERTICAL PIPING:
A. BASE ELBOW SUPPORT WITH BEARING PLATE ON STRUCTURAL SUPPORT.
B. GUIDES AT EVERY SECOND FLOOR (SPACING NOT TO EXCEED 25 FT).
C. TOP SUPPORT HANGER OR SADDLE IN HORIZONTAL CONNECTION WITH PROVISIONS FOR EXPANSION.
D. INTERMEDIATE STEEL RISER CLAMP SUPPORT BOLTED AND WELDED TO PIPE BEARING ON STRUCTURAL STEEL OR BEARING PLATE AT FLOOR.
13. CONDENSATE DRAIN PIPING
A.	PIPE: ASTM B88, HARD DRAWN COPPER TUBING TYPE "L".
B.	FITTINGS: SOLDERED JOINT FITTINGS, 95-5 SOLDER.
C.	PITCH, EXCEPT AS NOTED:
1)	1 IN. IN 4 FT PREFERRED.
2)	1 IN. IN 8 FT MINIMUM.
D.	SWING CHECK VALVES: AT CONDENSATE PUMP DISCHARGE. 200 LB WOG, BRONZE BODY SOLDER ENDS, REGRIND BRONZE DISC TO BE USED WITH COPPER TUBING.
14. VIBRATION ISOLATION
A.	GENERAL:
1)	PROVIDE ISOLATION FOR EQUIPMENT, PIPING AND DUCTWORK.
2)	INSTALL IN ACCORDANCE WITH MANUFACTURER'S INSTRUCTIONS.
3)	PROVIDE LEVELING DEVICES AND APPROVED RESILIENT RESTRAINING DEVICES AS REQUIRED TO LIMIT EQUIPMENT AND PIPING MOTION IN EXCESS OF 1/4 IN.
4)	ACCEPTABLE MANUFACTURERS:
A. MASON INDUSTRIES, INC.
B. VIBRATION ELIMINATOR CO.
C. KORFUND DYNAMICS CORP.
B.	CEILING-HUNG FANS AND EQUIPMENT:
1)	PROVIDE SPRING HANGER ROD ISOLATORS. STEEL COMPRESSION SPRING AND NEOPRENE SOUND PAD WITHIN A STEEL RETAINER BOX. SIMILAR TO MASON TYPE PCHS.
2)	1 IN. MINIMUM STATIC DEFLECTION. 1/2 IN. MINIMUM RESERVE DEFLECTION. FACTORY-PRELOADED TO 75% OF RATED LOAD.
3)	PROVIDE SUPPLEMENTAL STEEL AS REQUIRED WHERE EQUIPMENT OR STRUCTURE CANNOT SUPPORT POINT LOADS.
C.	FLOOR MOUNTED EQUIPMENT HAVING INTERNAL ISOLATION:
1)	PROVIDE 5/16 IN.-THICK NEOPRENE ACOUSTICAL BASE PADS OF RIBBED OR WAFFLE CONSTRUCTION. SIMILAR TO MASON TYPE W.
2)	50 PSI MAXIMUM LOADING. PROVIDE STEEL BEARING PLATE TO DISTRIBUTE LOAD WHERE REQUIRED.
D.	FLOOR-MOUNTED EQUIPMENT REQUIRING EXTERNAL VIBRATION ISOLATION:
1)	PROVIDE BUILT-IN RESILIENT VERTICAL LIMIT STOPS. PROVIDE TWO LAYERS OF 1/4 IN. NEOPRENE BASE PAD SEPARATED BY 1/16 IN. SHEET STEEL. TAPPED HOLES SHALL BE IN TOP PLATE FOR BOLTING TO EQUIPMENT. ISOLATORS SHALL BE CAPABLE OF SUPPORTING EQUIPMENT AT A FIXED ELEVATION DURING ISOLATION.
2)	1 IN. MINIMUM STATIC DEFLECTION.
3)	CORROSION RESISTANT WHEN EXPOSED TO WEATHER.
4)	PROVIDE SUPPLEMENTAL STEEL AS REQUIRED WHERE EQUIPMENT OR STRUCTURE CANNOT SUPPORT POINT LOADS.
15. AUTOMATIC CONTROLS - GENERAL REQUIREMENTS
A.	FURNISH AND INSTALL A COMPLETE ELECTRIC OR ELECTRONIC CONTROL SYSTEM TO PROVIDE TEMPERATURE CONTROL AS SPECIFIED UNDER DESCRIPTION OF OPERATION.
B.	WORK SHALL INCLUDE ALL WIRING, CONTROL EQUIPMENT, AND ACCESSORIES NECESSARY TO MAKE THIS SYSTEM COMPLETE. ALL WIRING SHALL BE 24 VOLT. ALL OUTDOOR CONTROL WIRING SHALL BE INSTALLED WITHIN ELECTRICAL CONDUIT. COORDINATE WITH MANUFACTURER FOR INTERCONNECTION WITH CONTROLS INCLUDED IN EQUIPMENT. ALL CONTROL WORK SHALL BE INSTALLED BY HVAC CONTRACTOR.
C.	OPERATION OF TYPICAL CONTROL SAFETY DEVICES.
1)	SAFETY DEVICES FOR ALL SYSTEMS.
16. SEQUENCE OF OPERATION:
A)	PACKAGED GAS-FIRED ROOFTOP UNIT (A/C-10, A/C-1):
1)	FAN OFF: THROUGH PROGRAMMABLE THERMOSTAT, SUPPLY FAN SHALL TURN OFF, COMPRESSOR SHALL DE-ENERGIZE, CONDENSER FAN SHALL SHUT OFF.
2)	FAN ON: THROUGH PROGRAMMABLE THERMOSTAT, EVAPORATOR FAN SHALL ENERGIZE, CONDENSER FANS SHALL REMAIN OFF, COMPRESSORS SHALL REMAIN OFF.
3)	COOLING MODE: THROUGH PROGRAMMABLE THERMOSTAT EVAPORATOR FAN SHALL ENERGIZE, CONDENSER FANS SHALL ENERGIZE, COMPRESSORS SHALL ENERGIZE. UPON CALL FOR COOLING, THERMOSTAT SHALL CYCLE COMPRESSORS TO MAINTAIN USER ADJUSTABLE SPACE TEMPERATURE SETPOINT.
4)	HEATING MODE: WHEN SPACE TEMPERATURE FALLS BELOW (ADJUSTABLE) THERMOSTAT PRESET TEMPERATURE FAN START CIRCUITS ARE ENERGIZED, GAS FURNACE SHALL FIRE ON TO FULL HEAT. ONCE SPACE TEMPERATURE IS SATISFIED, FURNACE SHALL MODULATE TO MAINTAIN PRESET TEMPERATURE.
C)	ROOFTOP DIRECT DRIVE UPBLAST CENTRIFUGAL EXHAUST FANS (EF-10, EF-1):
1)	EXHAUST FAN EF-10 SHALL BE ELECTRICALLY INTERLOCKED WITH A/C-10. WHEN THE SUPPLY FAN FOR A/C-10 IS OPERATING (CONSTANT DURING OCCUPIED HOURS), EF-10 SHALL OPERATE CONTINUOUSLY.
2)	EXHAUST FAN EF-1 SHALL BE ELECTRICALLY INTERLOCKED WITH A/C-1. WHEN THE SUPPLY FAN FOR A/C-1 IS OPERATING (CONSTANT DURING OCCUPIED HOURS), EF-1 SHALL OPERATE CONTINUOUSLY.
BAM
Architecture Studio
New York • Los Angeles
453 S SPRING ST
SUITE 408
LOS ANGELES, CA
90013
T. 213.405.
www.BAMCREAT
INSTIL BIO
HATCH CAMPUS
1535 RANCHO CONEJO BLVD.
SUITE A400, A500, A600
THOUSAND OAKS, CA 90312
T. 323.413.0685
Project No. 21.099.00
FISKAA
FISKAA ENGINEERING
9905 ROSECRANS AVE, SUITE 3000
LOS ANGELES, CA 90012
T 212 239 0000
WWW.FISKAA.COM
copyright date: 01.01.2020
ISSUANCES
No.	Date	Description
01	08/03/21	ISSUE FOR BID/PERMIT
02	10/07/21	ISSUE FOR CONSTRUCTION
REVISIONS
No.	Date	Description
All drawings and written materials appearing herein constitute the original and unpublished work of the architect and the same may not be duplicated, used or disclosed without the written consent of the architect. Written dimensions on these drawings shall have precedence over scaled dimensions. Contractors shall verify and be responsible for all dimensions and conditions on the job.
H.V.A.C.
SPECIFICATIONS
M-101
